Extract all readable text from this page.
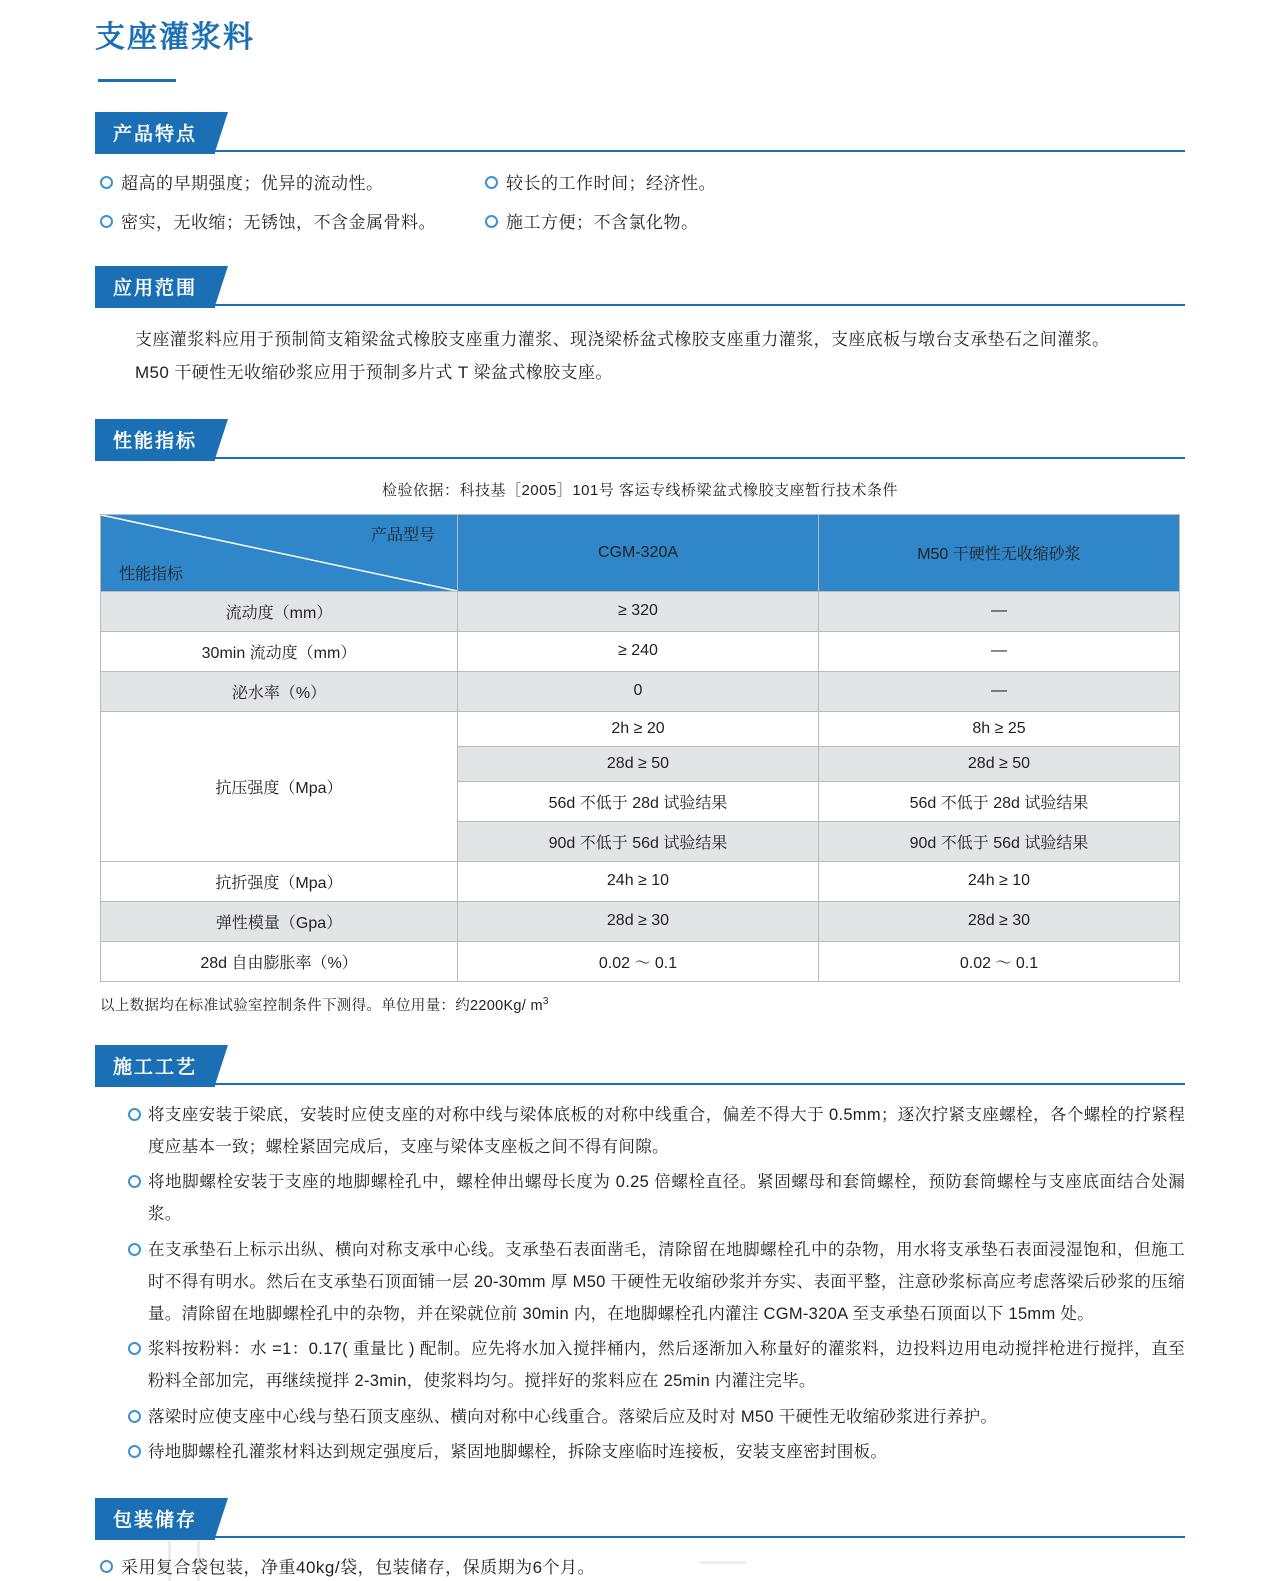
支座灌浆料
产品特点
超高的早期强度；优异的流动性。	较长的工作时间；经济性。
密实，无收缩；无锈蚀，不含金属骨料。	施工方便；不含氯化物。
应用范围
支座灌浆料应用于预制简支箱梁盆式橡胶支座重力灌浆、现浇梁桥盆式橡胶支座重力灌浆，支座底板与墩台支承垫石之间灌浆。
M50 干硬性无收缩砂浆应用于预制多片式 T 梁盆式橡胶支座。
性能指标
检验依据：科技基［2005］101号 客运专线桥梁盆式橡胶支座暂行技术条件
产品型号
性能指标	CGM-320A	M50 干硬性无收缩砂浆
流动度（mm）	≥ 320	—
30min 流动度（mm）	≥ 240	—
泌水率（%）	0	—
抗压强度（Mpa）	2h ≥ 20	8h ≥ 25
	28d ≥ 50	28d ≥ 50
	56d 不低于 28d 试验结果	56d 不低于 28d 试验结果
	90d 不低于 56d 试验结果	90d 不低于 56d 试验结果
抗折强度（Mpa）	24h ≥ 10	24h ≥ 10
弹性模量（Gpa）	28d ≥ 30	28d ≥ 30
28d 自由膨胀率（%）	0.02 ～ 0.1	0.02 ～ 0.1
以上数据均在标准试验室控制条件下测得。单位用量：约2200Kg/ $m^3$
施工工艺
将支座安装于梁底，安装时应使支座的对称中线与梁体底板的对称中线重合，偏差不得大于 0.5mm；逐次拧紧支座螺栓，各个螺栓的拧紧程度应基本一致；螺栓紧固完成后，支座与梁体支座板之间不得有间隙。
将地脚螺栓安装于支座的地脚螺栓孔中，螺栓伸出螺母长度为 0.25 倍螺栓直径。紧固螺母和套筒螺栓，预防套筒螺栓与支座底面结合处漏浆。
在支承垫石上标示出纵、横向对称支承中心线。支承垫石表面凿毛，清除留在地脚螺栓孔中的杂物，用水将支承垫石表面浸湿饱和，但施工时不得有明水。然后在支承垫石顶面铺一层 20-30mm 厚 M50 干硬性无收缩砂浆并夯实、表面平整，注意砂浆标高应考虑落梁后砂浆的压缩量。清除留在地脚螺栓孔中的杂物，并在梁就位前 30min 内，在地脚螺栓孔内灌注 CGM-320A 至支承垫石顶面以下 15mm 处。
浆料按粉料：水 =1：0.17( 重量比 ) 配制。应先将水加入搅拌桶内，然后逐渐加入称量好的灌浆料，边投料边用电动搅拌枪进行搅拌，直至粉料全部加完，再继续搅拌 2-3min，使浆料均匀。搅拌好的浆料应在 25min 内灌注完毕。
落梁时应使支座中心线与垫石顶支座纵、横向对称中心线重合。落梁后应及时对 M50 干硬性无收缩砂浆进行养护。
待地脚螺栓孔灌浆材料达到规定强度后，紧固地脚螺栓，拆除支座临时连接板，安装支座密封围板。
包装储存
采用复合袋包装，净重40kg/袋，包装储存，保质期为6个月。
